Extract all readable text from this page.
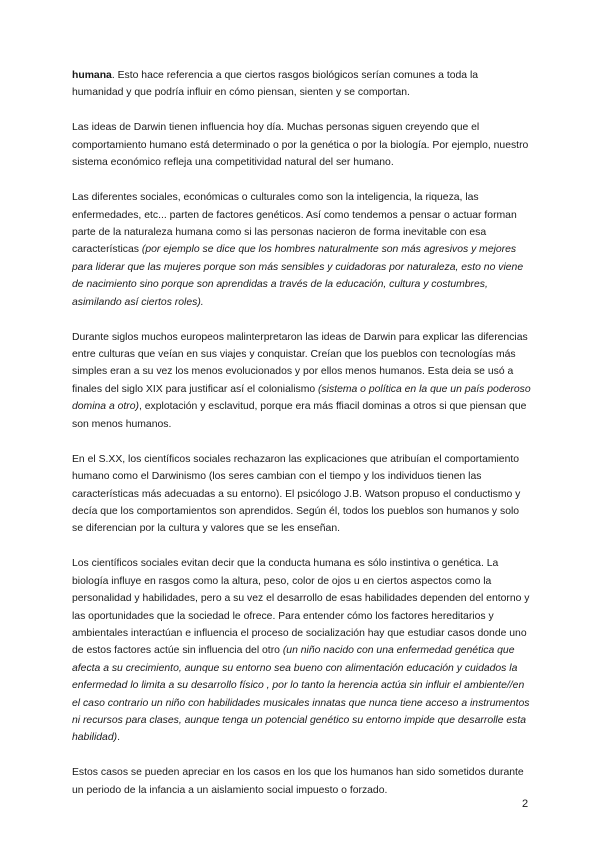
humana. Esto hace referencia a que ciertos rasgos biológicos serían comunes a toda la humanidad y que podría influir en cómo piensan, sienten y se comportan.

Las ideas de Darwin tienen influencia hoy día. Muchas personas siguen creyendo que el comportamiento humano está determinado o por la genética o por la biología. Por ejemplo, nuestro sistema económico refleja una competitividad natural del ser humano.

Las diferentes sociales, económicas o culturales como son la inteligencia, la riqueza, las enfermedades, etc... parten de factores genéticos. Así como tendemos a pensar o actuar forman parte de la naturaleza humana como si las personas nacieron de forma inevitable con esa características (por ejemplo se dice que los hombres naturalmente son más agresivos y mejores para liderar que las mujeres porque son más sensibles y cuidadoras por naturaleza, esto no viene de nacimiento sino porque son aprendidas a través de la educación, cultura y costumbres, asimilando así ciertos roles).

Durante siglos muchos europeos malinterpretaron las ideas de Darwin para explicar las diferencias entre culturas que veían en sus viajes y conquistar. Creían que los pueblos con tecnologías más simples eran a su vez los menos evolucionados y por ellos menos humanos. Esta deia se usó a finales del siglo XIX para justificar así el colonialismo (sistema o política en la que un país poderoso domina a otro), explotación y esclavitud, porque era más ffiacil dominas a otros si que piensan que son menos humanos.

En el S.XX, los científicos sociales rechazaron las explicaciones que atribuían el comportamiento humano como el Darwinismo (los seres cambian con el tiempo y los individuos tienen las características más adecuadas a su entorno). El psicólogo J.B. Watson propuso el conductismo y decía que los comportamientos son aprendidos. Según él, todos los pueblos son humanos y solo se diferencian por la cultura y valores que se les enseñan.

Los científicos sociales evitan decir que la conducta humana es sólo instintiva o genética. La biología influye en rasgos como la altura, peso, color de ojos u en ciertos aspectos como la personalidad y habilidades, pero a su vez el desarrollo de esas habilidades dependen del entorno y las oportunidades que la sociedad le ofrece. Para entender cómo los factores hereditarios y ambientales interactúan e influencia el proceso de socialización hay que estudiar casos donde uno de estos factores actúe sin influencia del otro (un niño nacido con una enfermedad genética que afecta a su crecimiento, aunque su entorno sea bueno con alimentación educación y cuidados la enfermedad lo limita a su desarrollo físico , por lo tanto la herencia actúa sin influir el ambiente//en el caso contrario un niño con habilidades musicales innatas que nunca tiene acceso a instrumentos ni recursos para clases, aunque tenga un potencial genético su entorno impide que desarrolle esta habilidad).

Estos casos se pueden apreciar en los casos en los que los humanos han sido sometidos durante un periodo de la infancia a un aislamiento social impuesto o forzado.

2
